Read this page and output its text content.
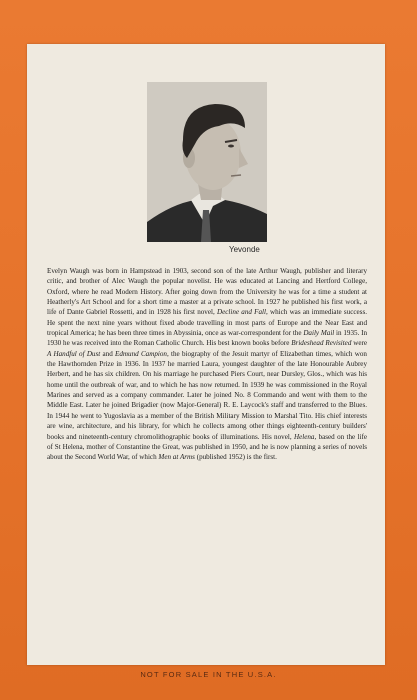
Yevonde

Evelyn Waugh was born in Hampstead in 1903, second son of the late Arthur Waugh, publisher and literary critic, and brother of Alec Waugh the popular novelist. He was educated at Lancing and Hertford College, Oxford, where he read Modern History. After going down from the University he was for a time a student at Heatherly's Art School and for a short time a master at a private school. In 1927 he published his first work, a life of Dante Gabriel Rossetti, and in 1928 his first novel, Decline and Fall, which was an immediate success. He spent the next nine years without fixed abode travelling in most parts of Europe and the Near East and tropical America; he has been three times in Abyssinia, once as war-correspondent for the Daily Mail in 1935. In 1930 he was received into the Roman Catholic Church. His best known books before Brideshead Revisited were A Handful of Dust and Edmund Campion, the biography of the Jesuit martyr of Elizabethan times, which won the Hawthornden Prize in 1936. In 1937 he married Laura, youngest daughter of the late Honourable Aubrey Herbert, and he has six children. On his marriage he purchased Piers Court, near Dursley, Glos., which was his home until the outbreak of war, and to which he has now returned. In 1939 he was commissioned in the Royal Marines and served as a company commander. Later he joined No. 8 Commando and went with them to the Middle East. Later he joined Brigadier (now Major-General) R. E. Laycock's staff and transferred to the Blues. In 1944 he went to Yugoslavia as a member of the British Military Mission to Marshal Tito. His chief interests are wine, architecture, and his library, for which he collects among other things eighteenth-century builders' books and nineteenth-century chromolithographic books of illuminations. His novel, Helena, based on the life of St Helena, mother of Constantine the Great, was published in 1950, and he is now planning a series of novels about the Second World War, of which Men at Arms (published 1952) is the first.

NOT FOR SALE IN THE U.S.A.
